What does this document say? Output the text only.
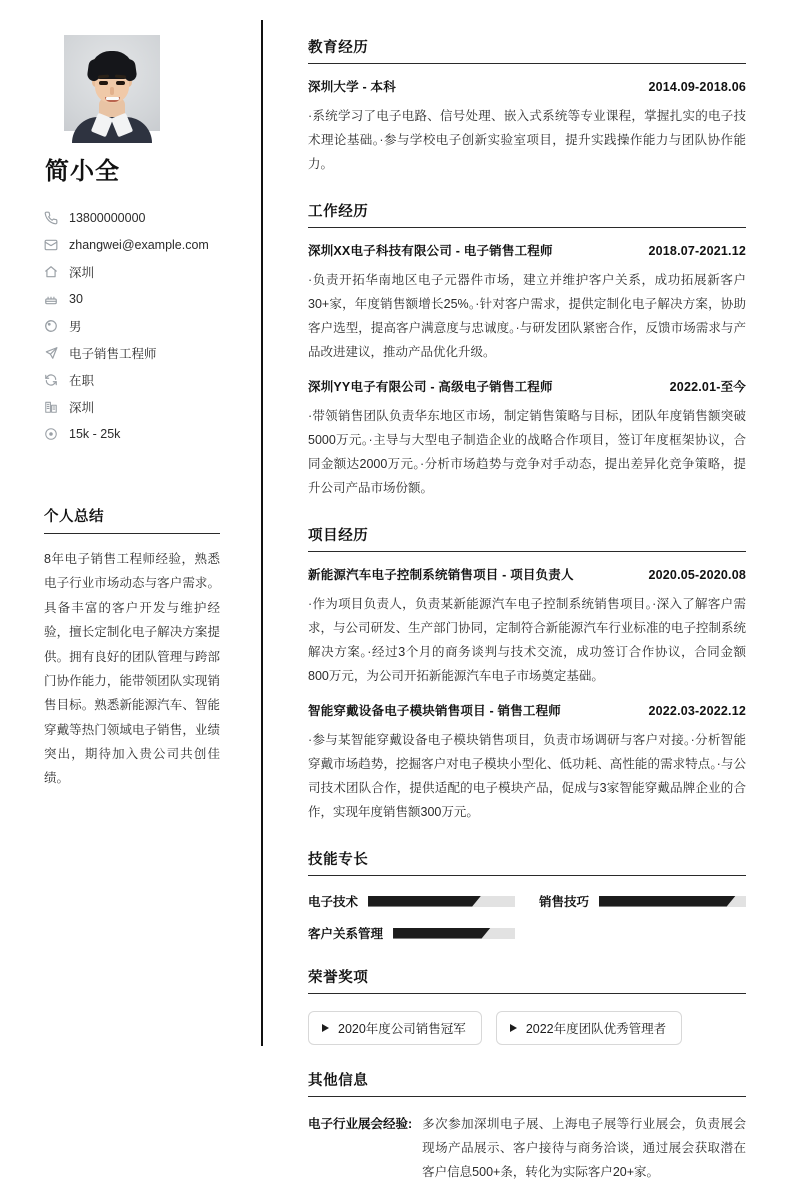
简小全
13800000000
zhangwei@example.com
深圳
30
男
电子销售工程师
在职
深圳
15k - 25k
个人总结

8年电子销售工程师经验，熟悉电子行业市场动态与客户需求。具备丰富的客户开发与维护经验，擅长定制化电子解决方案提供。拥有良好的团队管理与跨部门协作能力，能带领团队实现销售目标。熟悉新能源汽车、智能穿戴等热门领域电子销售，业绩突出，期待加入贵公司共创佳绩。

教育经历
深圳大学 - 本科	2014.09-2018.06

·系统学习了电子电路、信号处理、嵌入式系统等专业课程，掌握扎实的电子技术理论基础。·参与学校电子创新实验室项目，提升实践操作能力与团队协作能力。

工作经历
深圳XX电子科技有限公司 - 电子销售工程师	2018.07-2021.12

·负责开拓华南地区电子元器件市场，建立并维护客户关系，成功拓展新客户30+家，年度销售额增长25%。·针对客户需求，提供定制化电子解决方案，协助客户选型，提高客户满意度与忠诚度。·与研发团队紧密合作，反馈市场需求与产品改进建议，推动产品优化升级。

深圳YY电子有限公司 - 高级电子销售工程师	2022.01-至今

·带领销售团队负责华东地区市场，制定销售策略与目标，团队年度销售额突破5000万元。·主导与大型电子制造企业的战略合作项目，签订年度框架协议，合同金额达2000万元。·分析市场趋势与竞争对手动态，提出差异化竞争策略，提升公司产品市场份额。

项目经历
新能源汽车电子控制系统销售项目 - 项目负责人	2020.05-2020.08

·作为项目负责人，负责某新能源汽车电子控制系统销售项目。·深入了解客户需求，与公司研发、生产部门协同，定制符合新能源汽车行业标准的电子控制系统解决方案。·经过3个月的商务谈判与技术交流，成功签订合作协议，合同金额800万元，为公司开拓新能源汽车电子市场奠定基础。

智能穿戴设备电子模块销售项目 - 销售工程师	2022.03-2022.12

·参与某智能穿戴设备电子模块销售项目，负责市场调研与客户对接。·分析智能穿戴市场趋势，挖掘客户对电子模块小型化、低功耗、高性能的需求特点。·与公司技术团队合作，提供适配的电子模块产品，促成与3家智能穿戴品牌企业的合作，实现年度销售额300万元。

技能专长
电子技术	销售技巧
客户关系管理
荣誉奖项
2020年度公司销售冠军	2022年度团队优秀管理者
其他信息
电子行业展会经验: 多次参加深圳电子展、上海电子展等行业展会，负责展会现场产品展示、客户接待与商务洽谈，通过展会获取潜在客户信息500+条，转化为实际客户20+家。
